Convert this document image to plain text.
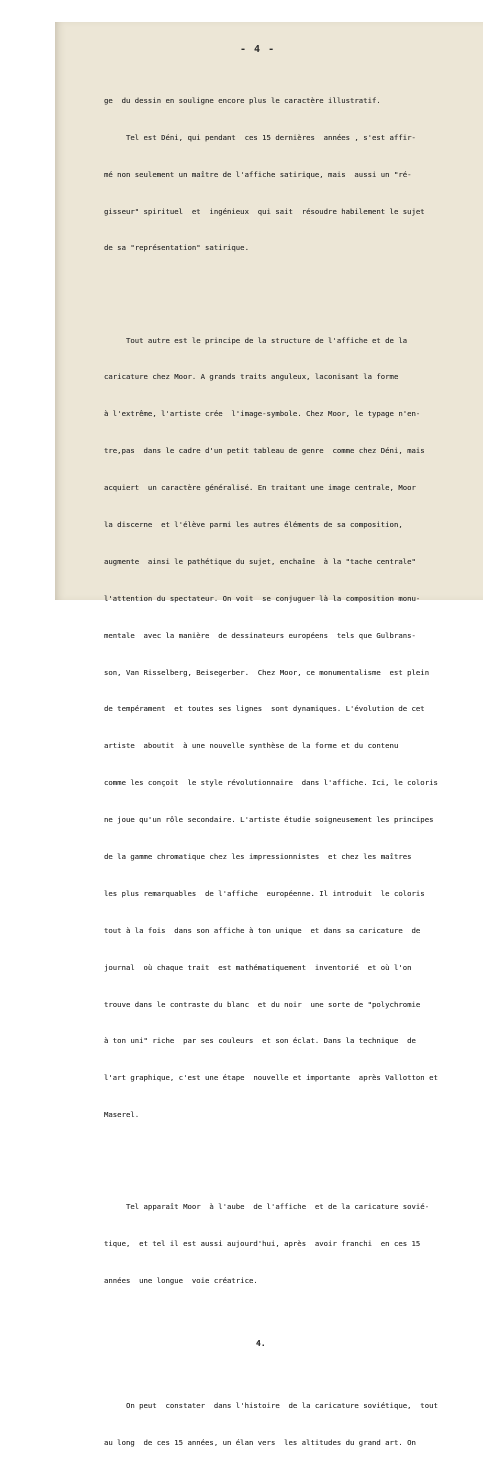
- 4 -

ge  du dessin en souligne encore plus le caractère illustratif.

Tel est Déni, qui pendant  ces 15 dernières  années , s'est affir-

mé non seulement un maître de l'affiche satirique, mais  aussi un "ré-

gisseur" spirituel  et  ingénieux  qui sait  résoudre habilement le sujet

de sa "représentation" satirique.

Tout autre est le principe de la structure de l'affiche et de la

caricature chez Moor. A grands traits anguleux, laconisant la forme

à l'extrême, l'artiste crée  l'image-symbole. Chez Moor, le typage n'en-

tre,pas  dans le cadre d'un petit tableau de genre  comme chez Déni, mais

acquiert  un caractère généralisé. En traitant une image centrale, Moor

la discerne  et l'élève parmi les autres éléments de sa composition,

augmente  ainsi le pathétique du sujet, enchaîne  à la "tache centrale"

l'attention du spectateur. On voit  se conjuguer là la composition monu-

mentale  avec la manière  de dessinateurs européens  tels que Gulbrans-

son, Van Risselberg, Beisegerber.  Chez Moor, ce monumentalisme  est plein

de tempérament  et toutes ses lignes  sont dynamiques. L'évolution de cet

artiste  aboutit  à une nouvelle synthèse de la forme et du contenu

comme les conçoit  le style révolutionnaire  dans l'affiche. Ici, le coloris

ne joue qu'un rôle secondaire. L'artiste étudie soigneusement les principes

de la gamme chromatique chez les impressionnistes  et chez les maîtres

les plus remarquables  de l'affiche  européenne. Il introduit  le coloris

tout à la fois  dans son affiche à ton unique  et dans sa caricature  de

journal  où chaque trait  est mathématiquement  inventorié  et où l'on

trouve dans le contraste du blanc  et du noir  une sorte de "polychromie

à ton uni" riche  par ses couleurs  et son éclat. Dans la technique  de

l'art graphique, c'est une étape  nouvelle et importante  après Vallotton et

Maserel.

Tel apparaît Moor  à l'aube  de l'affiche  et de la caricature sovié-

tique,  et tel il est aussi aujourd'hui, après  avoir franchi  en ces 15

années  une longue  voie créatrice.

4.

On peut  constater  dans l'histoire  de la caricature soviétique,  tout

au long  de ces 15 années, un élan vers  les altitudes du grand art. On
